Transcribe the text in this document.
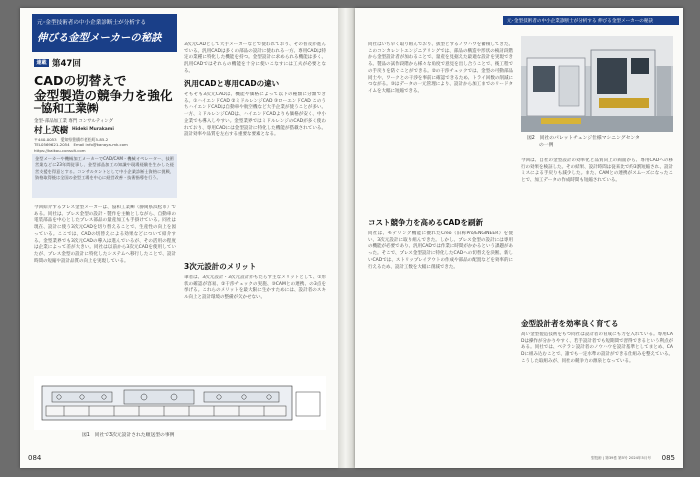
元･金型技術者の中小企業診断士が分析する
伸びる金型メーカーの秘訣
連載 第47回
CADの切替えで
金型製造の競争力を強化
─協和工業㈱
金型･部品加工業 専門 コンサルティング
村上英樹 Hideki Murakami
〒440-0053　愛知県豊橋市老松町5-85-2
TEL0569621-2054　Email info@kanaya-mk.com
https://kaikou-consult.com
金型メーカーや機械加工メーカーでCAD/CAM・機械オペレーター、技術営業などに23年間従事し、金型部品加工の知識や現場経験を生かした経営支援を得意とする。コンサルタントとして中小企業診断士資格に挑戦、資格取得後は全国の金型工場を中心に経営改善・技術指導を行う。
今回紹介するプレス金型メーカーは、協和工業㈱（静岡県浜松市）である。同社は、プレス金型の設計・製作を主軸としながら、自動車の電装部品を中心としたプレス部品の量産加工も手掛けている。同社は現在、設計に使う3次元CADを切り替えることで、生産性の向上を図っている。ここでは、CADの切替えによる効果などについて紹介する。金型業界でも3次元CADの導入は進んでいるが、その活用の程度は企業によって差が大きい。同社は以前から3次元CADを使用していたが、プレス金型の設計に特化したシステムへ移行したことで、設計時間の短縮や設計品質の向上を実現している。
3次元CADとして大手メーカーなどで使われており、その普及が進んでいる。汎用CADは多くの部品の設計に使われる一方、専用CADは特定の業種に特化した機能を持つ。金型設計に求められる機能は多く、汎用CADではそれらの機能を十分に使いこなすには工夫が必要となる。
汎用CADと専用CADの違い
そもそも3次元CADは、機能や価格によって以下の種類に分類できる。①ハイエンドCAD ②ミドルレンジCAD ③ローエンドCAD このうちハイエンドCADは自動車や航空機など大手企業が使うことが多い。一方、ミドルレンジCADは、ハイエンドCADよりも価格が安く、中小企業でも導入しやすい。金型業界ではミドルレンジのCADが多く使われており、専用CADには金型設計に特化した機能が搭載されている。設計効率や品質を左右する重要な要素となる。
3次元設計のメリット
筆者は、3次元設計・3次元設計がもたらす主なメリットとして、①形状の確認が容易、②干渉チェックの実施、③CAMとの連携、の3点を挙げる。これらのメリットを最大限に生かすためには、設計者のスキル向上と設計環境の整備が欠かせない。
図1　同社で3次元設計された順送型の事例
084
元･金型技術者の中小企業診断士が分析する 伸びる金型メーカーの秘訣
同社はいち早く取り組んでおり、抜型とするノウハウを蓄積してきた。このコンカレントエンジニアリングでは、部品の構造や形状の検討段階から金型設計者が加わることで、量産を見据えた最適な設計を実現できる。製品の試作段階から様々な角度で意見を出し合うことで、後工程での手戻りを防ぐことができる。②の干渉チェックでは、金型の可動部品同士や、ワークとの干渉を事前に確認できるため、トライ回数の削減につながる。③はデータの一元管理により、設計から加工までのリードタイムを大幅に短縮できる。
コスト競争力を高めるCADを刷新
同社は、モデリング機能に優れたCreo（旧称Pro/ENGINEER）を使い、3次元設計に取り組んできた。しかし、プレス金型の設計には専用の機能が必要であり、汎用CADでは作業に時間がかかるという課題があった。そこで、プレス金型設計に特化したCADへの切替えを決断。新しいCADでは、ストリップレイアウトの作成や部品の配置などを効率的に行えるため、設計工数を大幅に削減できた。
図2　同社のパレットチェンジ仕様マシニングセンタ
の一例
今回は、自社の金型設計の効率化と品質向上の両面から、専用CADへの移行の効果を検証した。その結果、設計時間は従来比で約3割短縮され、設計ミスによる手戻りも減少した。また、CAMとの連携がスムーズになったことで、加工データの作成時間も短縮されている。
金型設計者を効率良く育てる
高い金型製造技術をもつ同社は設計者の育成にも力を入れている。専用CADは操作が分かりやすく、若手設計者でも短期間で習得できるという利点がある。同社では、ベテラン設計者のノウハウを設計基準としてまとめ、CADに組み込むことで、誰でも一定水準の設計ができる仕組みを整えている。こうした取組みが、同社の競争力の源泉となっている。
型技術 | 第39巻 第5号 2024年5月号 085
